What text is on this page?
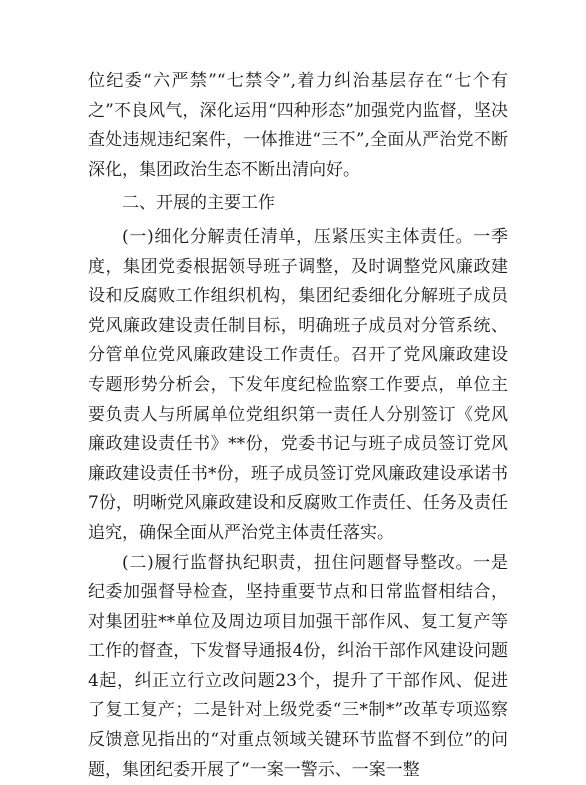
位纪委“六严禁”“七禁令”,着力纠治基层存在“七个有之”不良风气，深化运用“四种形态”加强党内监督，坚决查处违规违纪案件，一体推进“三不”,全面从严治党不断深化，集团政治生态不断出清向好。

二、开展的主要工作

(一)细化分解责任清单，压紧压实主体责任。一季度，集团党委根据领导班子调整，及时调整党风廉政建设和反腐败工作组织机构，集团纪委细化分解班子成员党风廉政建设责任制目标，明确班子成员对分管系统、分管单位党风廉政建设工作责任。召开了党风廉政建设专题形势分析会，下发年度纪检监察工作要点，单位主要负责人与所属单位党组织第一责任人分别签订《党风廉政建设责任书》**份，党委书记与班子成员签订党风廉政建设责任书*份，班子成员签订党风廉政建设承诺书7份，明晰党风廉政建设和反腐败工作责任、任务及责任追究，确保全面从严治党主体责任落实。

(二)履行监督执纪职责，扭住问题督导整改。一是纪委加强督导检查，坚持重要节点和日常监督相结合，对集团驻**单位及周边项目加强干部作风、复工复产等工作的督查，下发督导通报4份，纠治干部作风建设问题4起，纠正立行立改问题23个，提升了干部作风、促进了复工复产；二是针对上级党委“三*制*”改革专项巡察反馈意见指出的“对重点领域关键环节监督不到位”的问题，集团纪委开展了“一案一警示、一案一整
